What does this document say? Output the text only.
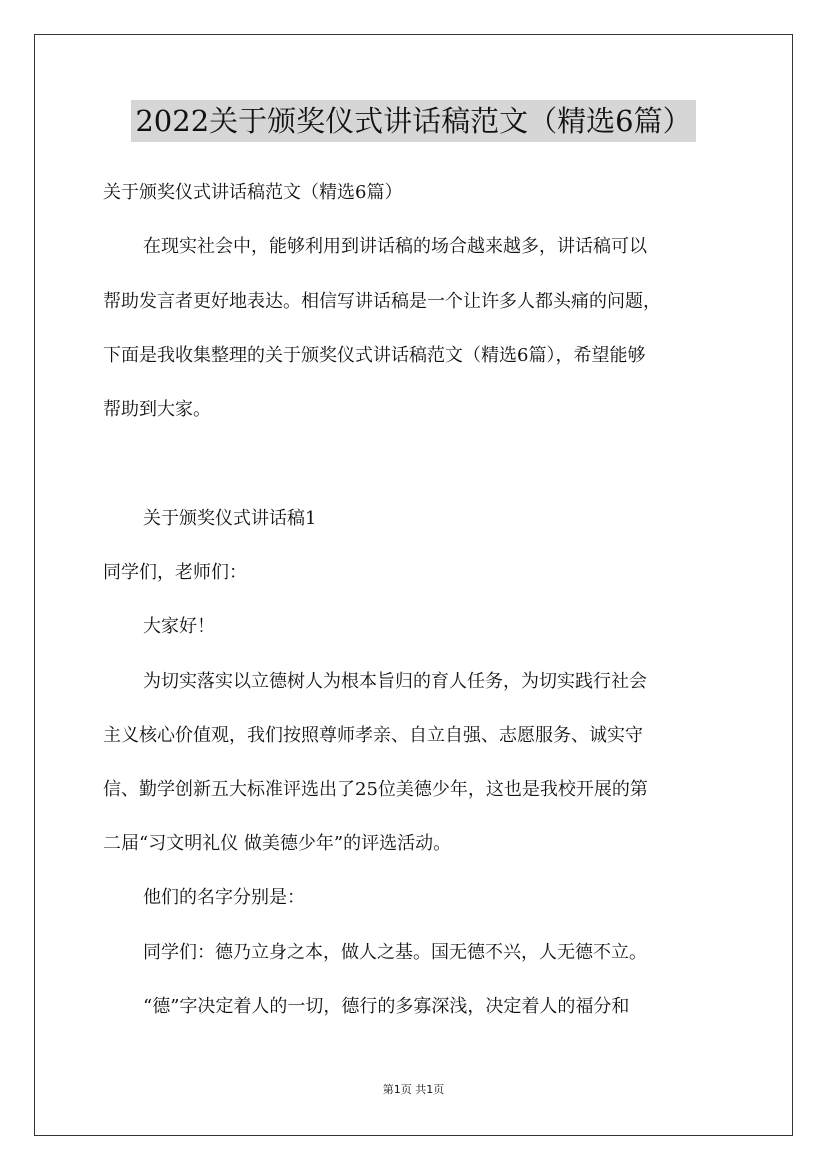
2022关于颁奖仪式讲话稿范文（精选6篇）
关于颁奖仪式讲话稿范文（精选6篇）
在现实社会中，能够利用到讲话稿的场合越来越多，讲话稿可以
帮助发言者更好地表达。相信写讲话稿是一个让许多人都头痛的问题，
下面是我收集整理的关于颁奖仪式讲话稿范文（精选6篇），希望能够
帮助到大家。
关于颁奖仪式讲话稿1
同学们，老师们：
大家好！
为切实落实以立德树人为根本旨归的育人任务，为切实践行社会
主义核心价值观，我们按照尊师孝亲、自立自强、志愿服务、诚实守
信、勤学创新五大标准评选出了25位美德少年，这也是我校开展的第
二届“习文明礼仪 做美德少年”的评选活动。
他们的名字分别是：
同学们：德乃立身之本，做人之基。国无德不兴，人无德不立。
“德”字决定着人的一切，德行的多寡深浅，决定着人的福分和
第1页 共1页
